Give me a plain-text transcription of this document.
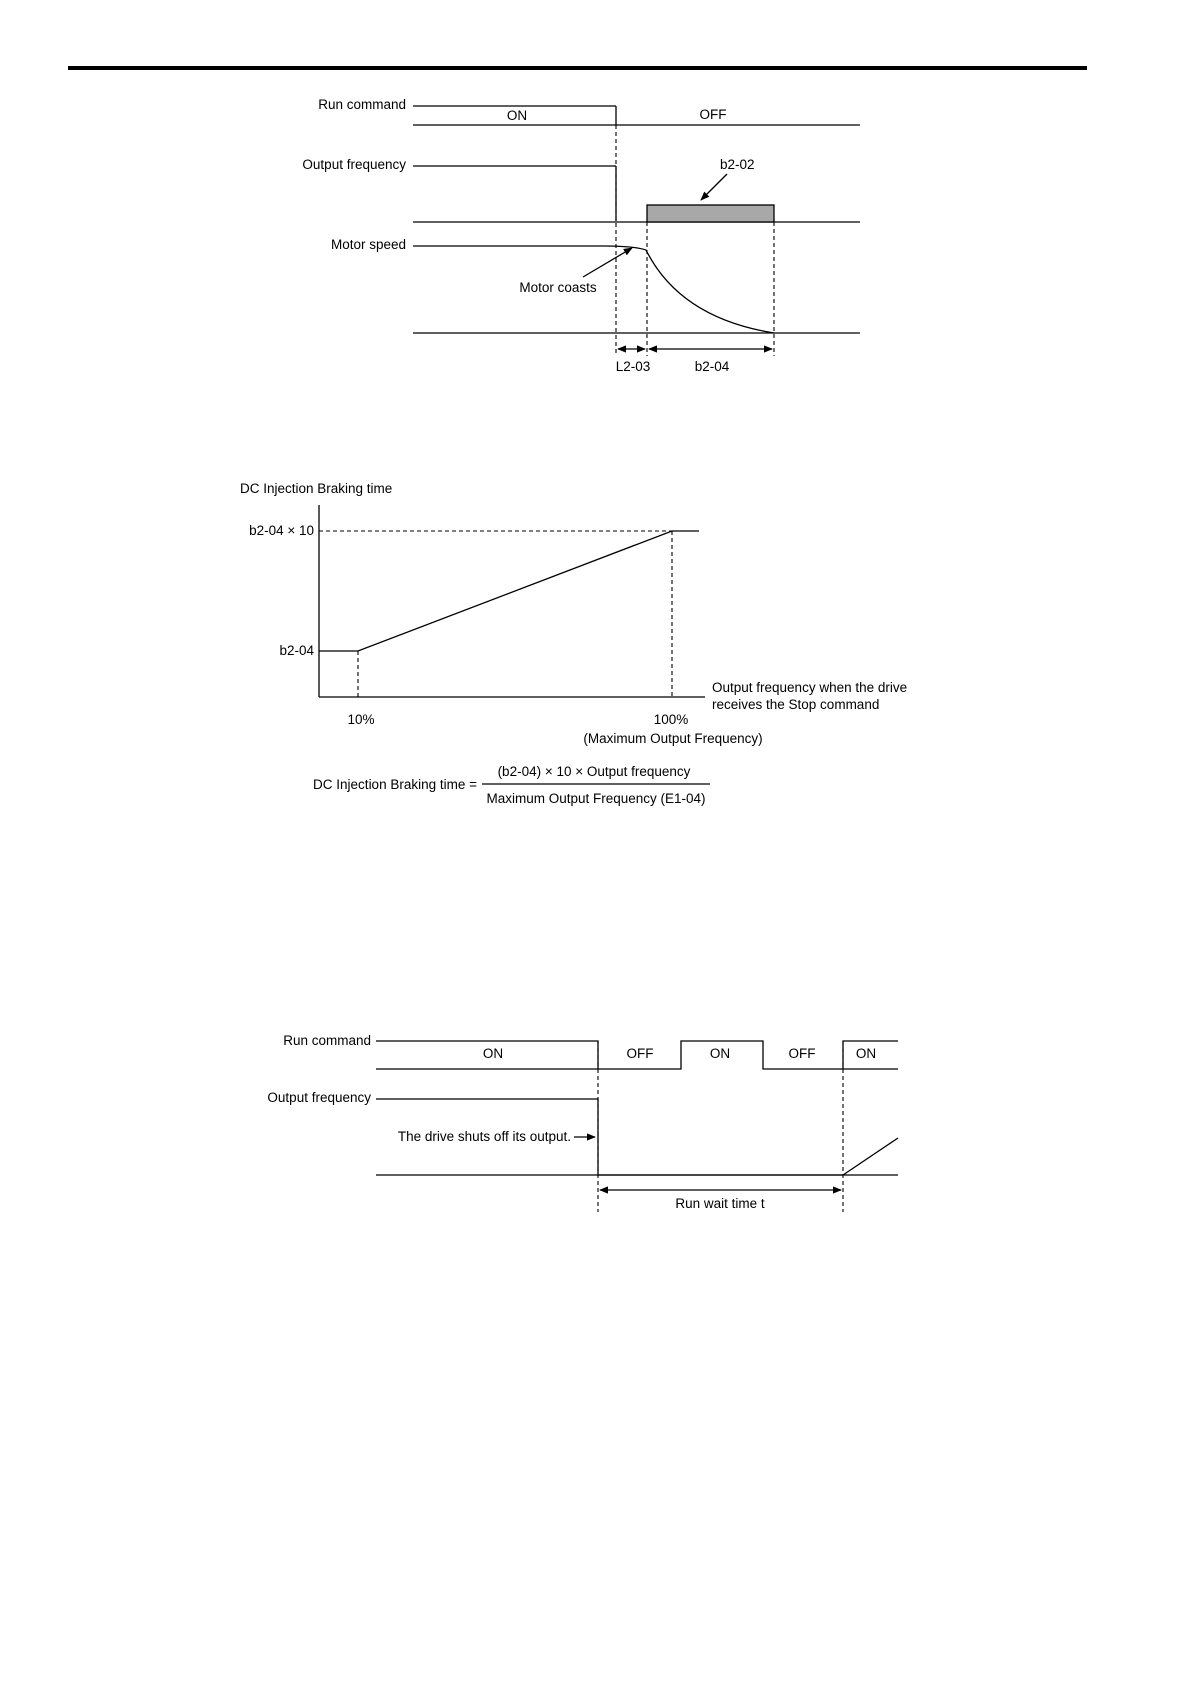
Run command
ON	OFF
Output frequency	b2-02
Motor speed
Motor coasts
L2-03	b2-04
DC Injection Braking time
b2-04 × 10
b2-04
Output frequency when the drive
receives the Stop command
10%	100%
(Maximum Output Frequency)
DC Injection Braking time =
(b2-04) × 10 × Output frequency
Maximum Output Frequency (E1-04)
Run command
ON	OFF	ON	OFF	ON
Output frequency
The drive shuts off its output.
Run wait time t
